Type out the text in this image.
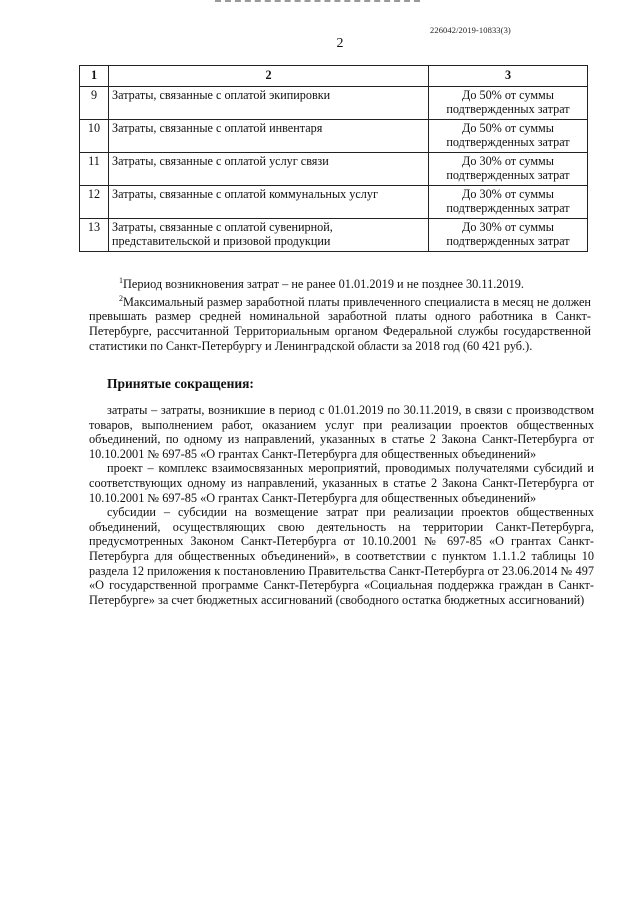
226042/2019-10833(3)
2
1	2	3
9	Затраты, связанные с оплатой экипировки	До 50% от суммы подтвержденных затрат
10	Затраты, связанные с оплатой инвентаря	До 50% от суммы подтвержденных затрат
11	Затраты, связанные с оплатой услуг связи	До 30% от суммы подтвержденных затрат
12	Затраты, связанные с оплатой коммунальных услуг	До 30% от суммы подтвержденных затрат
13	Затраты, связанные с оплатой сувенирной, представительской и призовой продукции	До 30% от суммы подтвержденных затрат

$^1$Период возникновения затрат – не ранее 01.01.2019 и не позднее 30.11.2019.

$^2$Максимальный размер заработной платы привлеченного специалиста в месяц не должен превышать размер средней номинальной заработной платы одного работника в Санкт-Петербурге, рассчитанной Территориальным органом Федеральной службы государственной статистики по Санкт-Петербургу и Ленинградской области за 2018 год (60 421 руб.).

Принятые сокращения:

затраты – затраты, возникшие в период с 01.01.2019 по 30.11.2019, в связи с производством товаров, выполнением работ, оказанием услуг при реализации проектов общественных объединений, по одному из направлений, указанных в статье 2 Закона Санкт-Петербурга от 10.10.2001 № 697-85 «О грантах Санкт-Петербурга для общественных объединений»

проект – комплекс взаимосвязанных мероприятий, проводимых получателями субсидий и соответствующих одному из направлений, указанных в статье 2 Закона Санкт-Петербурга от 10.10.2001 № 697-85 «О грантах Санкт-Петербурга для общественных объединений»

субсидии – субсидии на возмещение затрат при реализации проектов общественных объединений, осуществляющих свою деятельность на территории Санкт-Петербурга, предусмотренных Законом Санкт-Петербурга от 10.10.2001 № 697-85 «О грантах Санкт-Петербурга для общественных объединений», в соответствии с пунктом 1.1.1.2 таблицы 10 раздела 12 приложения к постановлению Правительства Санкт-Петербурга от 23.06.2014 № 497 «О государственной программе Санкт-Петербурга «Социальная поддержка граждан в Санкт-Петербурге» за счет бюджетных ассигнований (свободного остатка бюджетных ассигнований)
